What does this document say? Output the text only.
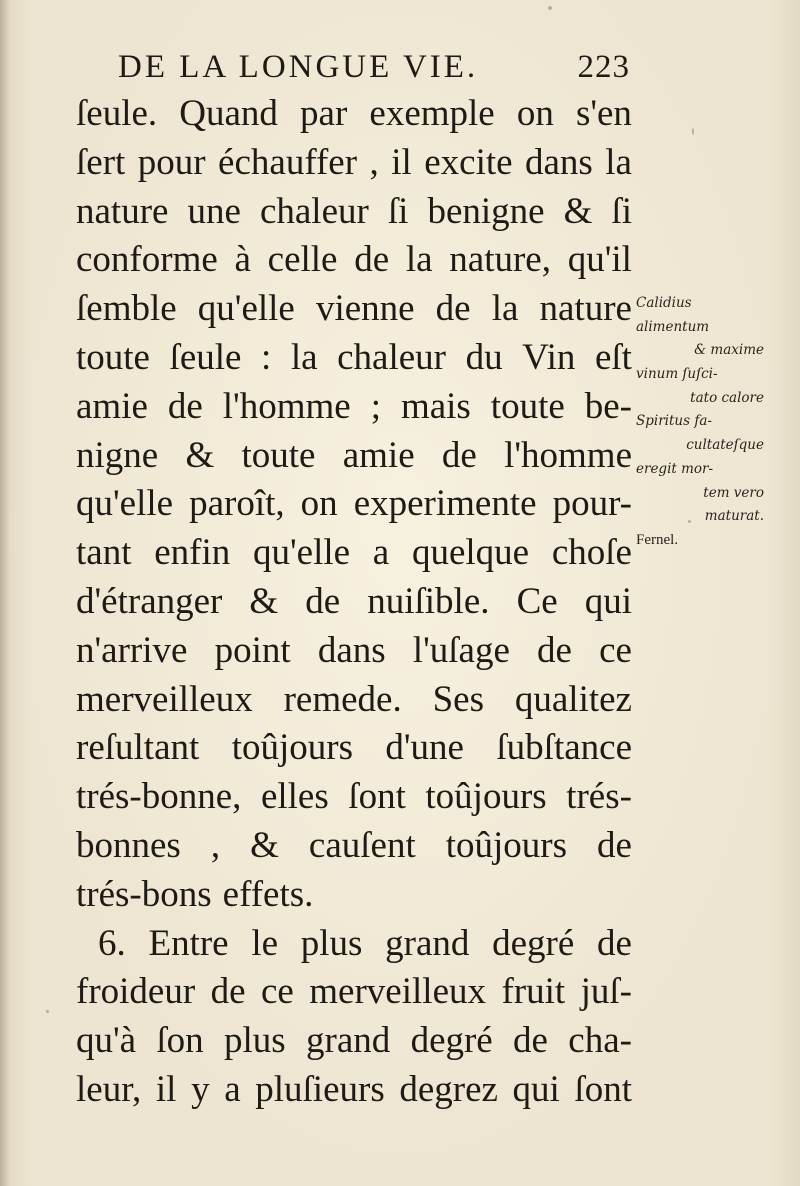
DE LA LONGUE VIE.	223
ſeule. Quand par exemple on s'en
ſert pour échauffer , il excite dans la
nature une chaleur ſi benigne & ſi
conforme à celle de la nature, qu'il
ſemble qu'elle vienne de la nature
toute ſeule : la chaleur du Vin eſt
amie de l'homme ; mais toute be-
nigne & toute amie de l'homme
qu'elle paroît, on experimente pour-
tant enfin qu'elle a quelque choſe
d'étranger & de nuiſible. Ce qui
n'arrive point dans l'uſage de ce
merveilleux remede. Ses qualitez
reſultant toûjours d'une ſubſtance
trés-bonne, elles ſont toûjours trés-
bonnes , & cauſent toûjours de
trés-bons effets.
6. Entre le plus grand degré de
froideur de ce merveilleux fruit juſ-
qu'à ſon plus grand degré de cha-
leur, il y a pluſieurs degrez qui ſont
Calidius
alimentum
& maxime
vinum ſuſci-
tato calore
Spiritus fa-
cultateſque
eregit mor-
tem vero
maturat.
Fernel.
